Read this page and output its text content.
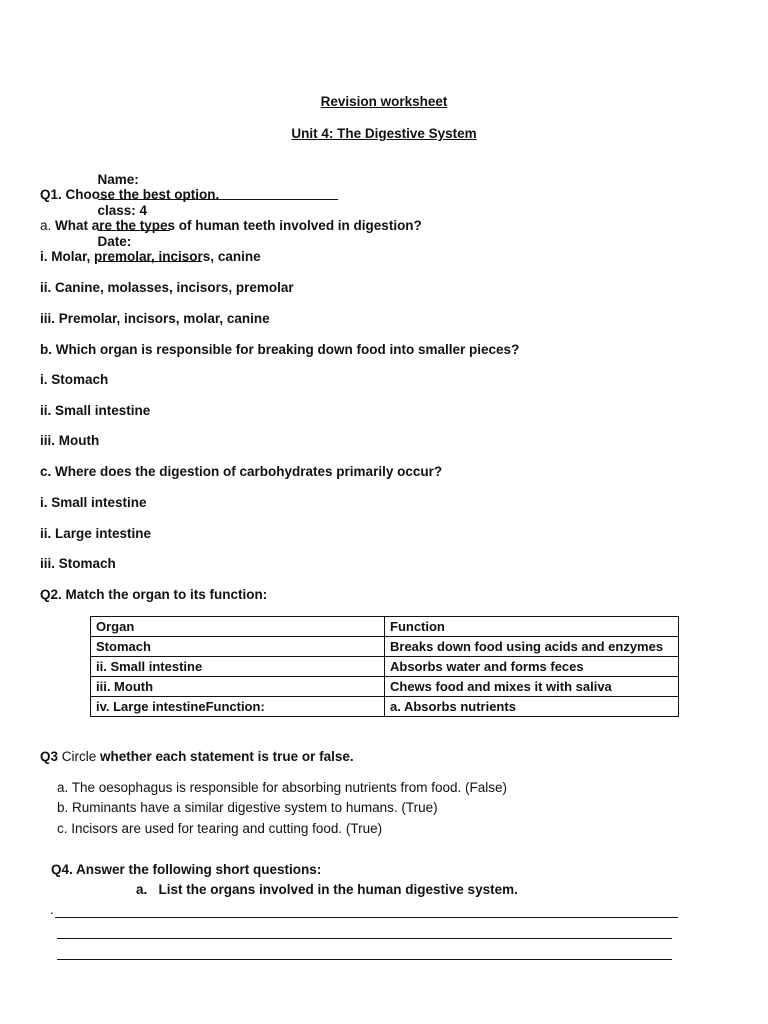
Revision worksheet
Unit 4: The Digestive System

Name:

class: 4

Date:

Q1. Choose the best option.
a. What are the types of human teeth involved in digestion?
i. Molar, premolar, incisors, canine
ii. Canine, molasses, incisors, premolar
iii. Premolar, incisors, molar, canine
b. Which organ is responsible for breaking down food into smaller pieces?
i. Stomach
ii. Small intestine
iii. Mouth
c. Where does the digestion of carbohydrates primarily occur?
i. Small intestine
ii. Large intestine
iii. Stomach
Q2. Match the organ to its function:
Organ	Function
Stomach	Breaks down food using acids and enzymes
ii. Small intestine	Absorbs water and forms feces
iii. Mouth	Chews food and mixes it with saliva
iv. Large intestineFunction:	a. Absorbs nutrients
Q3 Circle whether each statement is true or false.
a. The oesophagus is responsible for absorbing nutrients from food. (False)
b. Ruminants have a similar digestive system to humans. (True)
c. Incisors are used for tearing and cutting food. (True)
Q4. Answer the following short questions:
a.   List the organs involved in the human digestive system.
.
